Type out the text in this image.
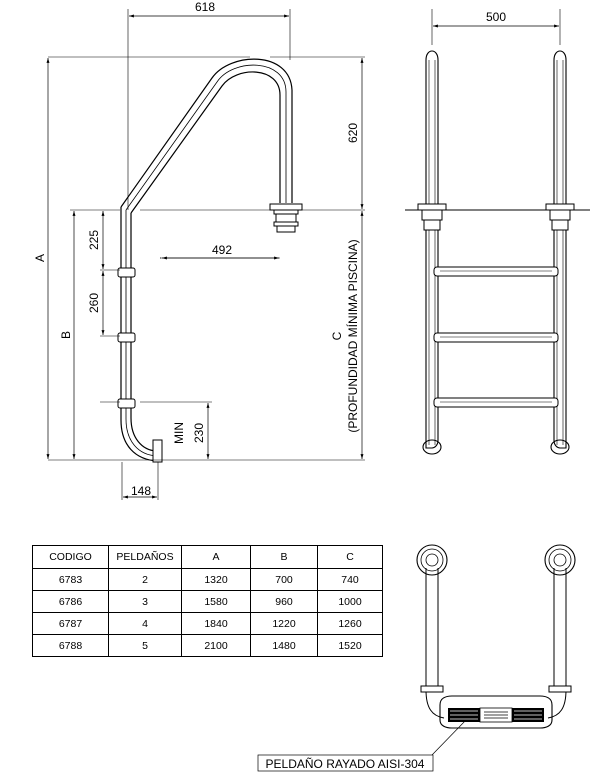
618
A
B
225
260
492
MIN 230
620
C (PROFUNDIDAD MÍNIMA PISCINA)
148
500
PELDAÑO RAYADO AISI-304
CODIGO	PELDAÑOS	A	B	C
6783	2	1320	700	740
6786	3	1580	960	1000
6787	4	1840	1220	1260
6788	5	2100	1480	1520
